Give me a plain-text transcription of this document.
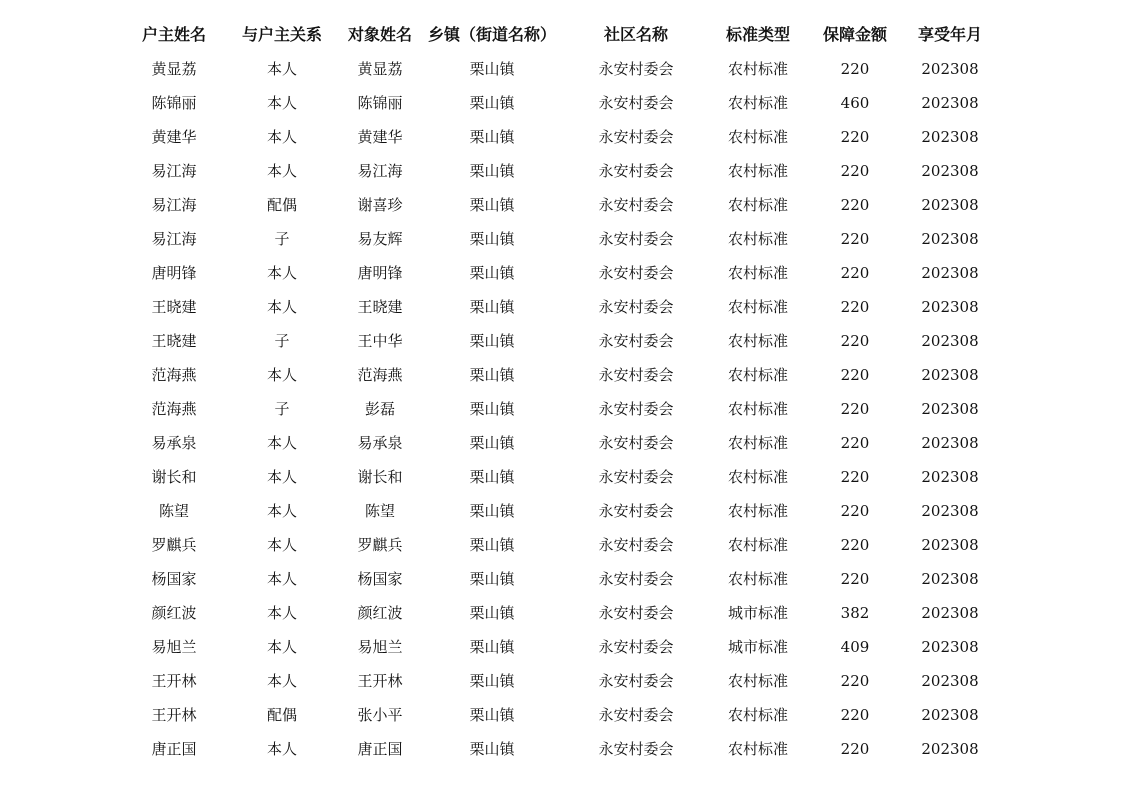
户主姓名	与户主关系	对象姓名 乡镇（街道名称）	社区名称	标准类型	保障金额	享受年月
黄显荔	本人	黄显荔	栗山镇	永安村委会	农村标准	220	202308
陈锦丽	本人	陈锦丽	栗山镇	永安村委会	农村标准	460	202308
黄建华	本人	黄建华	栗山镇	永安村委会	农村标准	220	202308
易江海	本人	易江海	栗山镇	永安村委会	农村标准	220	202308
易江海	配偶	谢喜珍	栗山镇	永安村委会	农村标准	220	202308
易江海	子	易友辉	栗山镇	永安村委会	农村标准	220	202308
唐明锋	本人	唐明锋	栗山镇	永安村委会	农村标准	220	202308
王晓建	本人	王晓建	栗山镇	永安村委会	农村标准	220	202308
王晓建	子	王中华	栗山镇	永安村委会	农村标准	220	202308
范海燕	本人	范海燕	栗山镇	永安村委会	农村标准	220	202308
范海燕	子	彭磊	栗山镇	永安村委会	农村标准	220	202308
易承泉	本人	易承泉	栗山镇	永安村委会	农村标准	220	202308
谢长和	本人	谢长和	栗山镇	永安村委会	农村标准	220	202308
陈望	本人	陈望	栗山镇	永安村委会	农村标准	220	202308
罗麒兵	本人	罗麒兵	栗山镇	永安村委会	农村标准	220	202308
杨国家	本人	杨国家	栗山镇	永安村委会	农村标准	220	202308
颜红波	本人	颜红波	栗山镇	永安村委会	城市标准	382	202308
易旭兰	本人	易旭兰	栗山镇	永安村委会	城市标准	409	202308
王开林	本人	王开林	栗山镇	永安村委会	农村标准	220	202308
王开林	配偶	张小平	栗山镇	永安村委会	农村标准	220	202308
唐正国	本人	唐正国	栗山镇	永安村委会	农村标准	220	202308
